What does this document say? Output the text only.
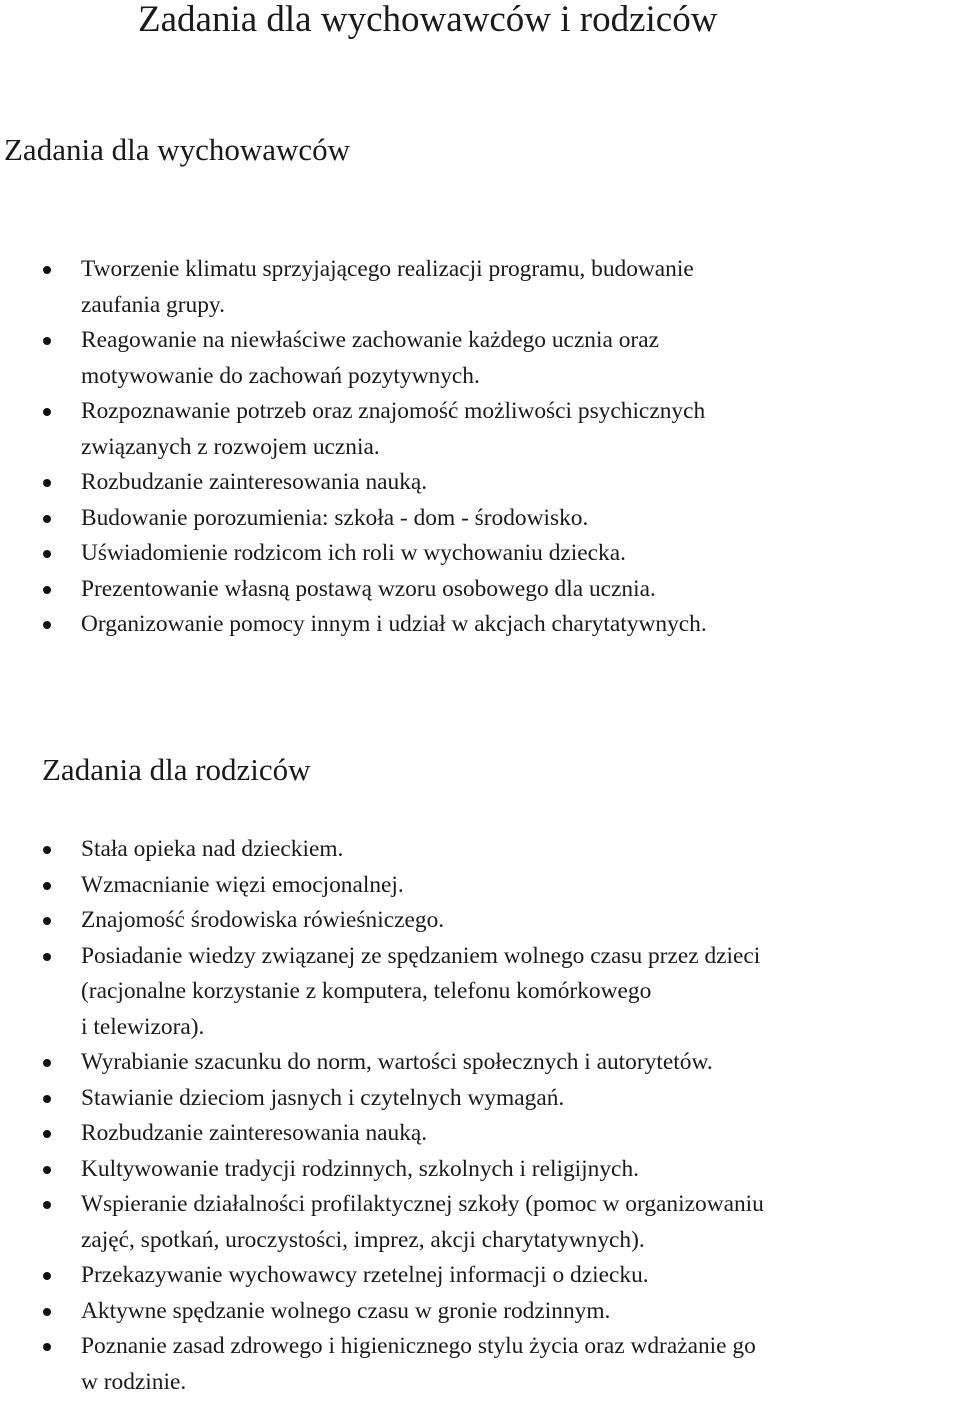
Zadania dla wychowawców i rodziców
Zadania dla wychowawców
Tworzenie klimatu sprzyjającego realizacji programu, budowanie
zaufania grupy.
Reagowanie na niewłaściwe zachowanie każdego ucznia oraz
motywowanie do zachowań pozytywnych.
Rozpoznawanie potrzeb oraz znajomość możliwości psychicznych
związanych z rozwojem ucznia.
Rozbudzanie zainteresowania nauką.
Budowanie porozumienia: szkoła - dom - środowisko.
Uświadomienie rodzicom ich roli w wychowaniu dziecka.
Prezentowanie własną postawą wzoru osobowego dla ucznia.
Organizowanie pomocy innym i udział w akcjach charytatywnych.
Zadania dla rodziców
Stała opieka nad dzieckiem.
Wzmacnianie więzi emocjonalnej.
Znajomość środowiska rówieśniczego.
Posiadanie wiedzy związanej ze spędzaniem wolnego czasu przez dzieci
(racjonalne korzystanie z komputera, telefonu komórkowego
i telewizora).
Wyrabianie szacunku do norm, wartości społecznych i autorytetów.
Stawianie dzieciom jasnych i czytelnych wymagań.
Rozbudzanie zainteresowania nauką.
Kultywowanie tradycji rodzinnych, szkolnych i religijnych.
Wspieranie działalności profilaktycznej szkoły (pomoc w organizowaniu
zajęć, spotkań, uroczystości, imprez, akcji charytatywnych).
Przekazywanie wychowawcy rzetelnej informacji o dziecku.
Aktywne spędzanie wolnego czasu w gronie rodzinnym.
Poznanie zasad zdrowego i higienicznego stylu życia oraz wdrażanie go
w rodzinie.
